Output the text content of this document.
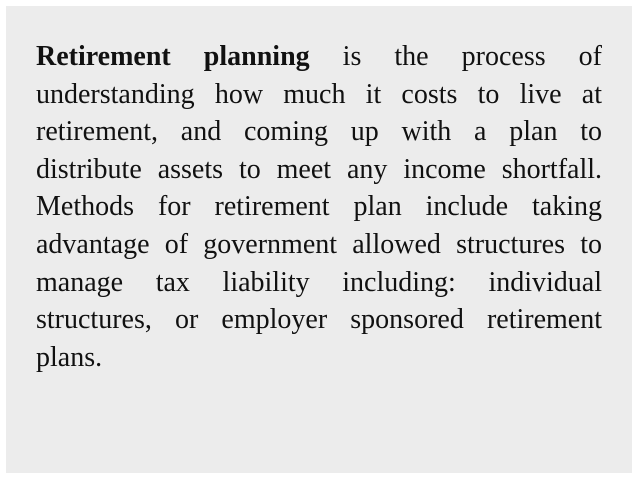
Retirement planning is the process of understanding how much it costs to live at retirement, and coming up with a plan to distribute assets to meet any income shortfall. Methods for retirement plan include taking advantage of government allowed structures to manage tax liability including: individual structures, or employer sponsored retirement plans.
